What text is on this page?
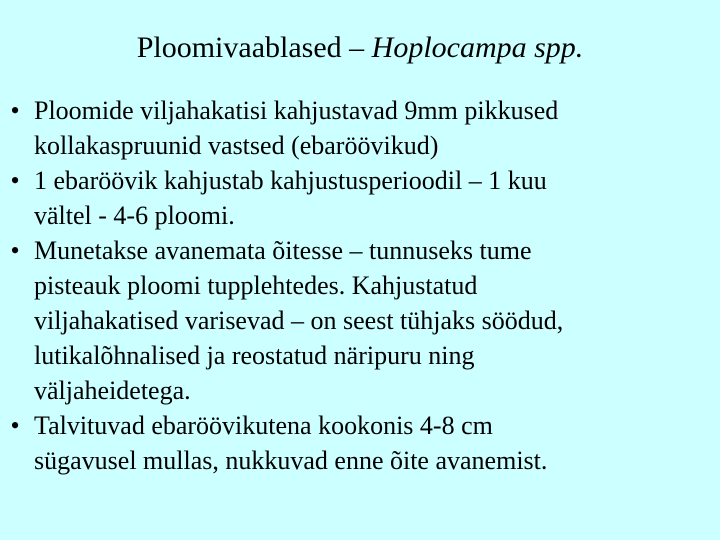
Ploomivaablased – Hoplocampa spp.
• Ploomide viljahakatisi kahjustavad 9mm pikkused
kollakaspruunid vastsed (ebaröövikud)
• 1 ebaröövik kahjustab kahjustusperioodil – 1 kuu
vältel - 4-6 ploomi.
• Munetakse avanemata õitesse – tunnuseks tume
pisteauk ploomi tupplehtedes. Kahjustatud
viljahakatised varisevad – on seest tühjaks söödud,
lutikalõhnalised ja reostatud näripuru ning
väljaheidetega.
• Talvituvad ebaröövikutena kookonis 4-8 cm
sügavusel mullas, nukkuvad enne õite avanemist.
